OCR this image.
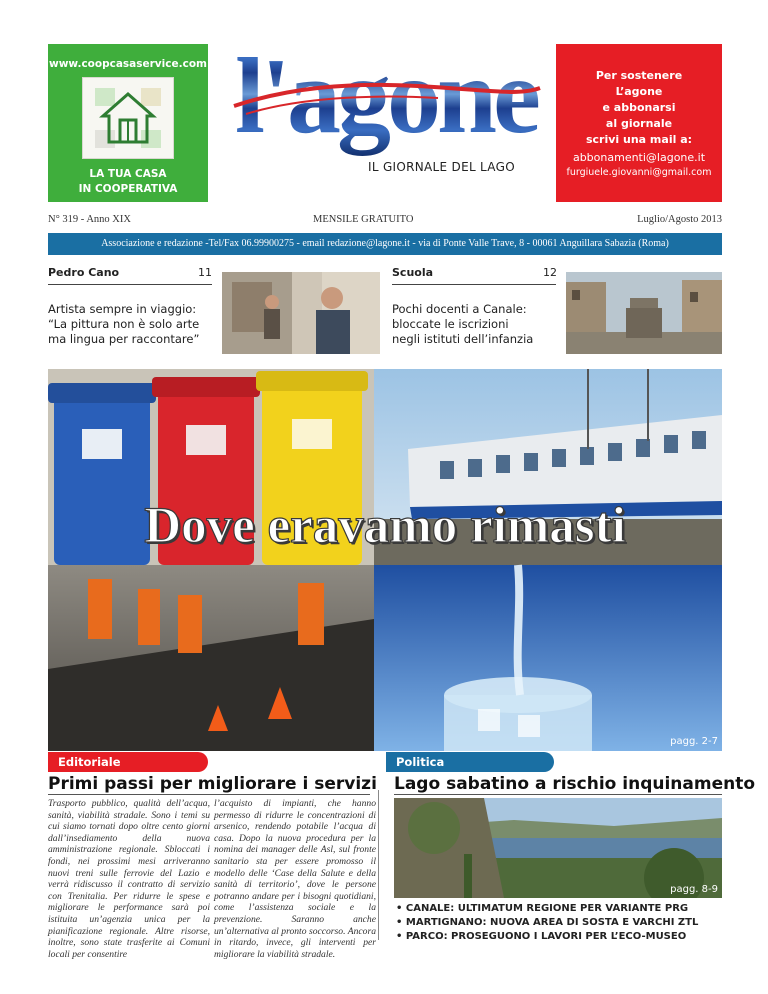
www.coopcasaservice.com
LA TUA CASA
IN COOPERATIVA
l'agone
IL GIORNALE DEL LAGO
Per sostenere
L’agone
e abbonarsi
al giornale
scrivi una mail a:
abbonamenti@lagone.it
furgiuele.giovanni@gmail.com
N° 319 - Anno XIX	MENSILE GRATUITO	Luglio/Agosto 2013
Associazione e redazione -Tel/Fax 06.99900275 - email redazione@lagone.it - via di Ponte Valle Trave, 8 - 00061 Anguillara Sabazia (Roma)
Pedro Cano	11
Artista sempre in viaggio:
“La pittura non è solo arte
ma lingua per raccontare”
Scuola	12
Pochi docenti a Canale:
bloccate le iscrizioni
negli istituti dell’infanzia
Dove eravamo rimasti
pagg. 2-7
Editoriale
Primi passi per migliorare i servizi
Trasporto pubblico, qualità dell’acqua, sanità, viabilità stradale. Sono i temi su cui siamo tornati dopo oltre cento giorni dall’insediamento della nuova amministrazione regionale. Sbloccati i fondi, nei prossimi mesi arriveranno nuovi treni sulle ferrovie del Lazio e verrà ridiscusso il contratto di servizio con Trenitalia. Per ridurre le spese e migliorare le performance sarà poi istituita un’agenzia unica per la pianificazione regionale. Altre risorse, inoltre, sono state trasferite ai Comuni locali per consentire
l’acquisto di impianti, che hanno permesso di ridurre le concentrazioni di arsenico, rendendo potabile l’acqua di casa. Dopo la nuova procedura per la nomina dei manager delle Asl, sul fronte sanitario sta per essere promosso il modello delle ‘Case della Salute e della sanità di territorio’, dove le persone potranno andare per i bisogni quotidiani, come l’assistenza sociale e la prevenzione. Saranno anche un’alternativa al pronto soccorso. Ancora in ritardo, invece, gli interventi per migliorare la viabilità stradale.
Politica
Lago sabatino a rischio inquinamento
pagg. 8-9
• CANALE: ULTIMATUM REGIONE PER VARIANTE PRG
• MARTIGNANO: NUOVA AREA DI SOSTA E VARCHI ZTL
• PARCO: PROSEGUONO I LAVORI PER L’ECO-MUSEO
